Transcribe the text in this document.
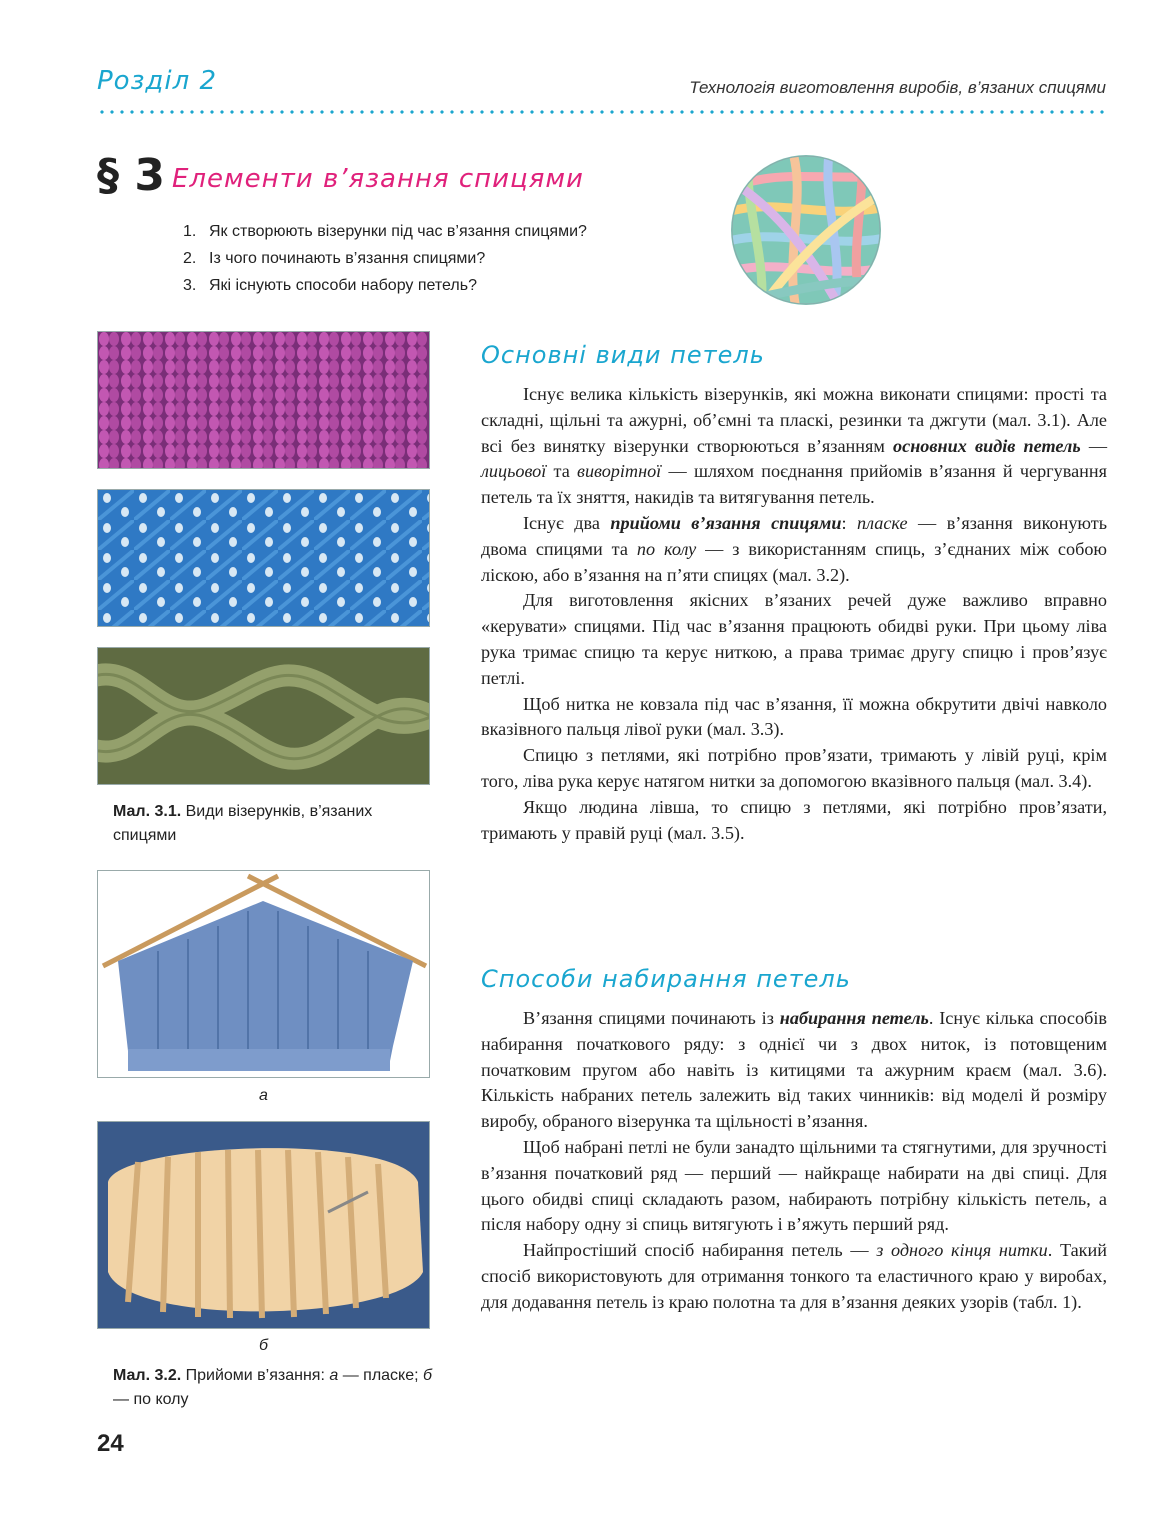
Розділ 2	Технологія виготовлення виробів, в’язаних спицями
§ 3 Елементи в’язання спицями
1. Як створюють візерунки під час в’язання спицями?
2. Із чого починають в’язання спицями?
3. Які існують способи набору петель?
Мал. 3.1. Види візерунків, в’язаних спицями
а
б
Мал. 3.2. Прийоми в’язання: а — пласке; б — по колу
Основні види петель

Існує велика кількість візерунків, які можна виконати спицями: прості та складні, щільні та ажурні, об’ємні та пласкі, резинки та джгути (мал. 3.1). Але всі без винятку візерунки створюються в’язанням основних видів петель — лицьової та виворітної — шляхом поєднання прийомів в’язання й чергування петель та їх зняття, накидів та витягування петель.

Існує два прийоми в’язання спицями: пласке — в’язання виконують двома спицями та по колу — з використанням спиць, з’єднаних між собою ліскою, або в’язання на п’яти спицях (мал. 3.2).

Для виготовлення якісних в’язаних речей дуже важливо вправно «керувати» спицями. Під час в’язання працюють обидві руки. При цьому ліва рука тримає спицю та керує ниткою, а права тримає другу спицю і пров’язує петлі.

Щоб нитка не ковзала під час в’язання, її можна обкрутити двічі навколо вказівного пальця лівої руки (мал. 3.3).

Спицю з петлями, які потрібно пров’язати, тримають у лівій руці, крім того, ліва рука керує натягом нитки за допомогою вказівного пальця (мал. 3.4).

Якщо людина лівша, то спицю з петлями, які потрібно пров’язати, тримають у правій руці (мал. 3.5).

Способи набирання петель

В’язання спицями починають із набирання петель. Існує кілька способів набирання початкового ряду: з однієї чи з двох ниток, із потовщеним початковим пругом або навіть із китицями та ажурним краєм (мал. 3.6). Кількість набраних петель залежить від таких чинників: від моделі й розміру виробу, обраного візерунка та щільності в’язання.

Щоб набрані петлі не були занадто щільними та стягнутими, для зручності в’язання початковий ряд — перший — найкраще набирати на дві спиці. Для цього обидві спиці складають разом, набирають потрібну кількість петель, а після набору одну зі спиць витягують і в’яжуть перший ряд.

Найпростіший спосіб набирання петель — з одного кінця нитки. Такий спосіб використовують для отримання тонкого та еластичного краю у виробах, для додавання петель із краю полотна та для в’язання деяких узорів (табл. 1).

24
